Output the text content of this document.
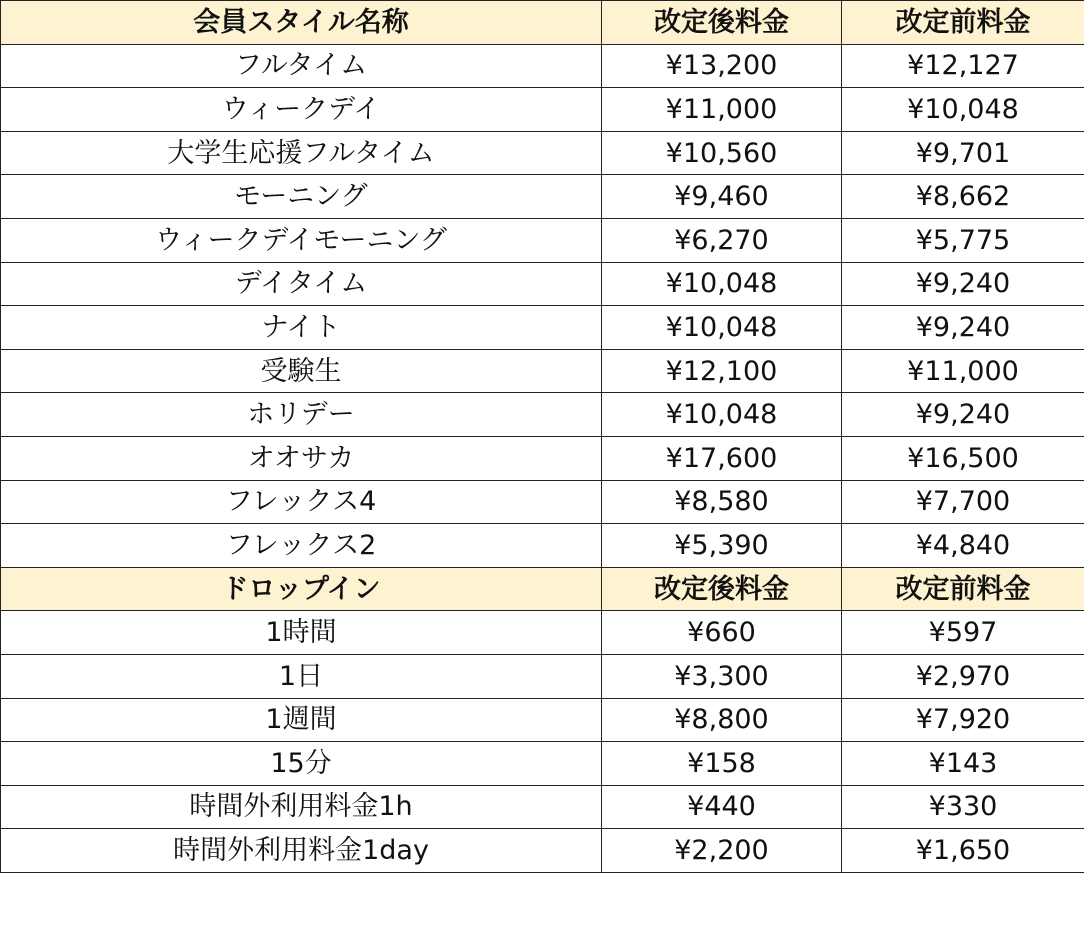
会員スタイル名称	改定後料金	改定前料金
フルタイム	¥13,200	¥12,127
ウィークデイ	¥11,000	¥10,048
大学生応援フルタイム	¥10,560	¥9,701
モーニング	¥9,460	¥8,662
ウィークデイモーニング	¥6,270	¥5,775
デイタイム	¥10,048	¥9,240
ナイト	¥10,048	¥9,240
受験生	¥12,100	¥11,000
ホリデー	¥10,048	¥9,240
オオサカ	¥17,600	¥16,500
フレックス4	¥8,580	¥7,700
フレックス2	¥5,390	¥4,840
ドロップイン	改定後料金	改定前料金
1時間	¥660	¥597
1日	¥3,300	¥2,970
1週間	¥8,800	¥7,920
15分	¥158	¥143
時間外利用料金1h	¥440	¥330
時間外利用料金1day	¥2,200	¥1,650
